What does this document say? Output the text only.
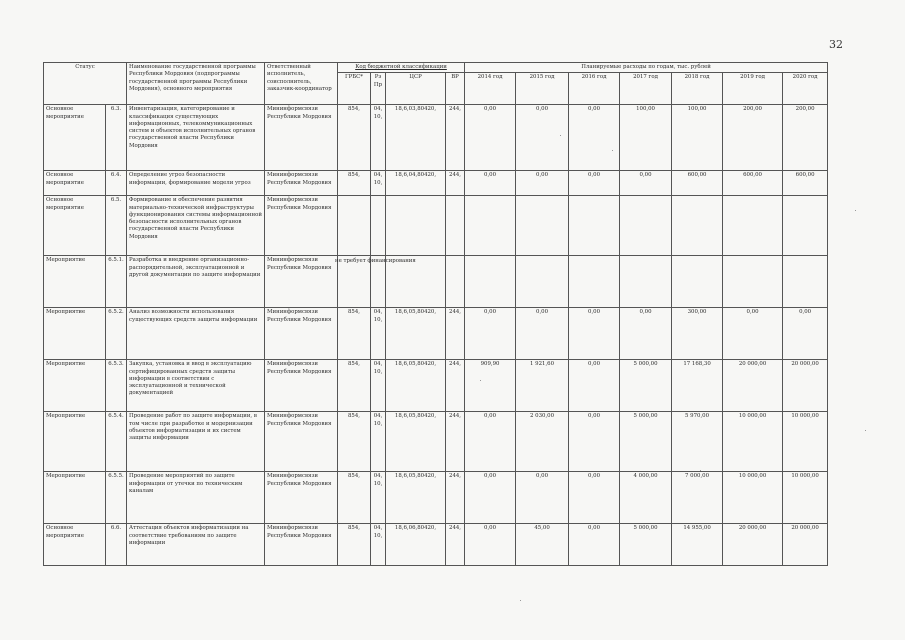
32
Статус		Наименование государственной программы Республики Мордовия (подпрограммы государственной программы Республики Мордовия), основного мероприятия	Ответственный исполнитель, соисполнитель, заказчик-координатор	Код бюджетной классификации				Планируемые расходы по годам, тыс. рублей						
				ГРБС*	Рз Пр	ЦСР	ВР	2014 год	2015 год	2016 год	2017 год	2018 год	2019 год	2020 год
Основное мероприятие	6.3.	Инвентаризация, категорирование и классификация существующих информационных, телекоммуникационных систем и объектов исполнительных органов государственной власти Республики Мордовия	Мининформсвязи Республики Мордовия	854,	04,10,	18,6,03,80420,	244,	0,00	0,00	0,00	100,00	100,00	200,00	200,00
Основное мероприятие	6.4.	Определение угроз безопасности информации, формирование модели угроз	Мининформсвязи Республики Мордовия	854,	04,10,	18,6,04,80420,	244,	0,00	0,00	0,00	0,00	600,00	600,00	600,00
Основное мероприятие	6.5.	Формирование и обеспечение развития материально-технической инфраструктуры функционирования системы информационной безопасности исполнительных органов государственной власти Республики Мордовия	Мининформсвязи Республики Мордовия											
Мероприятие	6.5.1.	Разработка и внедрение организационно-распорядительной, эксплуатационной и другой документации по защите информации	Мининформсвязи Республики Мордовия
не требует финансирования											

Мероприятие	6.5.2.	Анализ возможности использования существующих средств защиты информации	Мининформсвязи Республики Мордовия	854,	04,10,	18,6,05,80420,	244,	0,00	0,00	0,00	0,00	300,00	0,00	0,00
Мероприятие	6.5.3.	Закупка, установка и ввод в эксплуатацию сертифицированных средств защиты информации в соответствии с эксплуатационной и технической документацией	Мининформсвязи Республики Мордовия	854,	04,10,	18,6,05,80420,	244,	909,90	1 921,60	0,00	5 000,00	17 168,30	20 000,00	20 000,00
Мероприятие	6.5.4.	Проведение работ по защите информации, в том числе при разработке и модернизации объектов информатизации и их систем защиты информации	Мининформсвязи Республики Мордовия	854,	04,10,	18,6,05,80420,	244,	0,00	2 030,00	0,00	5 000,00	5 970,00	10 000,00	10 000,00
Мероприятие	6.5.5.	Проведение мероприятий по защите информации от утечки по техническим каналам	Мининформсвязи Республики Мордовия	854,	04,10,	18,6,05,80420,	244,	0,00	0,00	0,00	4 000,00	7 000,00	10 000,00	10 000,00
Основное мероприятие	6.6.	Аттестация объектов информатизации на соответствие требованиям по защите информации	Мининформсвязи Республики Мордовия	854,	04,10,	18,6,06,80420,	244,	0,00	45,00	0,00	5 000,00	14 955,00	20 000,00	20 000,00
